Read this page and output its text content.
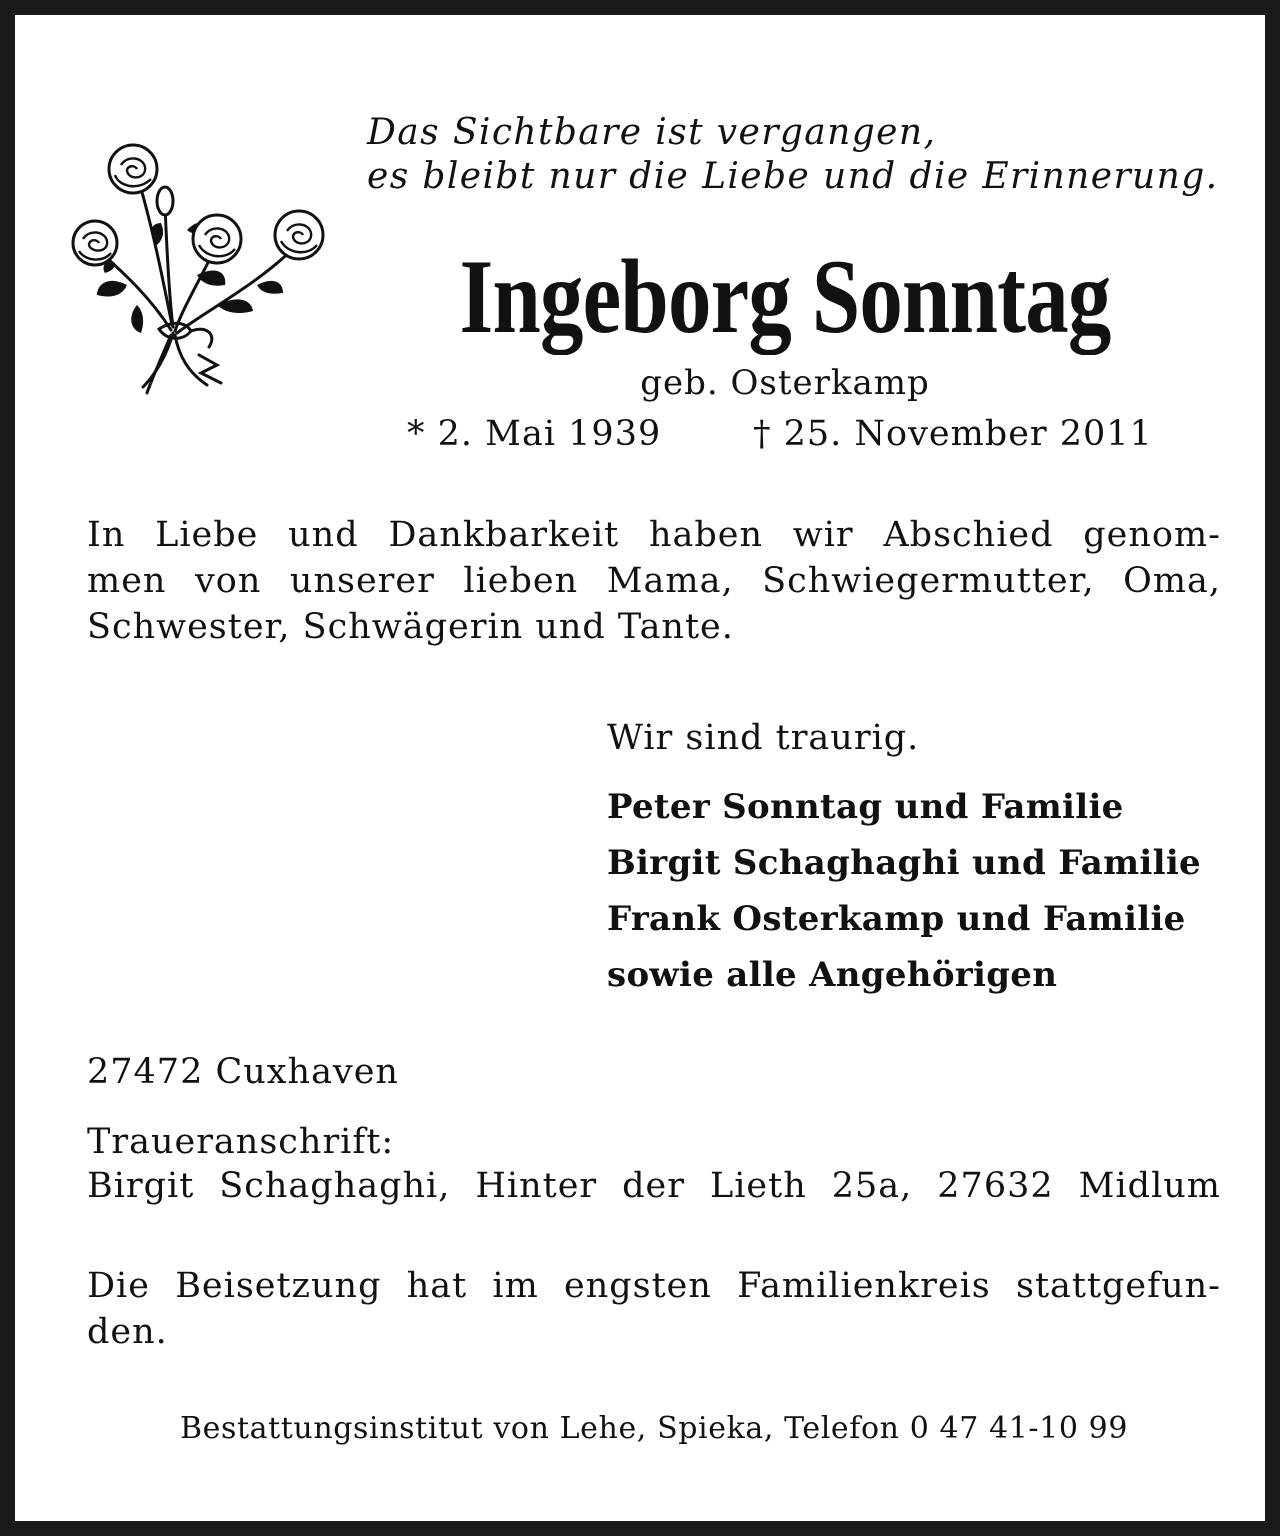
Das Sichtbare ist vergangen,
es bleibt nur die Liebe und die Erinnerung.
Ingeborg Sonntag
geb. Osterkamp
* 2. Mai 1939	† 25. November 2011
In Liebe und Dankbarkeit haben wir Abschied genom-
men von unserer lieben Mama, Schwiegermutter, Oma,
Schwester, Schwägerin und Tante.
Wir sind traurig.
Peter Sonntag und Familie
Birgit Schaghaghi und Familie
Frank Osterkamp und Familie
sowie alle Angehörigen
27472 Cuxhaven
Traueranschrift:
Birgit Schaghaghi, Hinter der Lieth 25a, 27632 Midlum
Die Beisetzung hat im engsten Familienkreis stattgefun-
den.
Bestattungsinstitut von Lehe, Spieka, Telefon 0 47 41-10 99
